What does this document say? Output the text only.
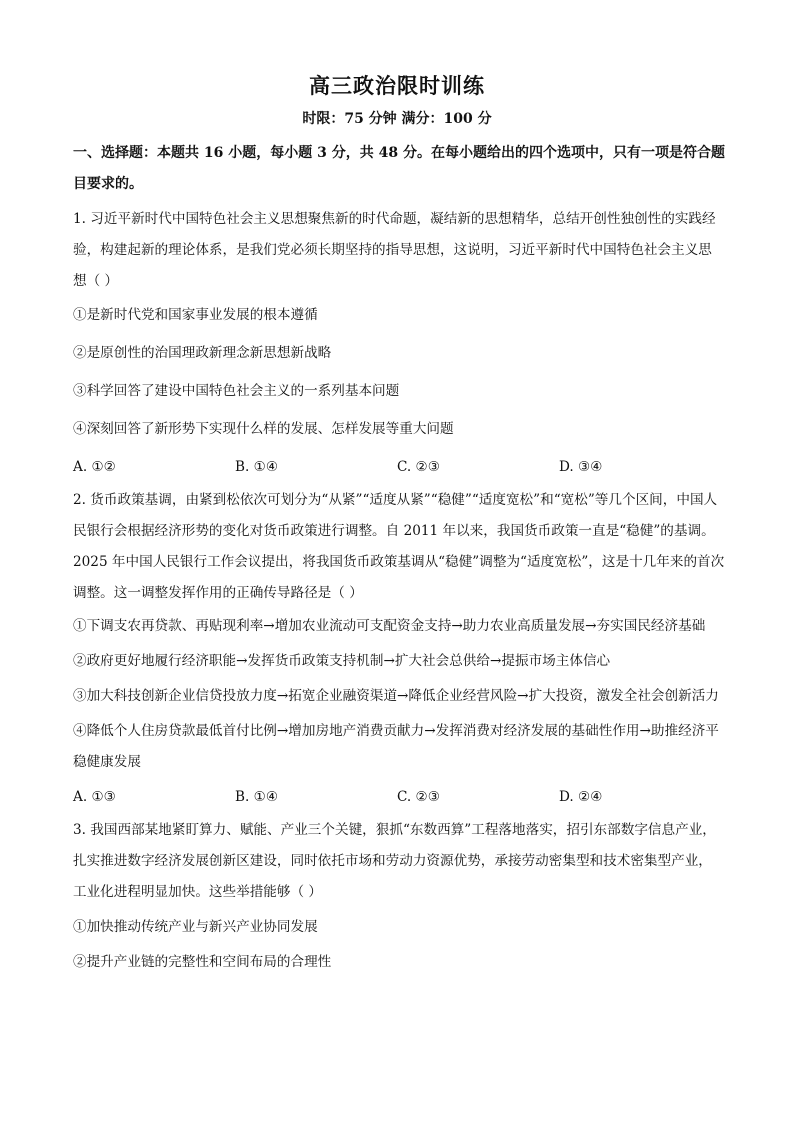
高三政治限时训练
时限：75 分钟 满分：100 分

一、选择题：本题共 16 小题，每小题 3 分，共 48 分。在每小题给出的四个选项中，只有一项是符合题目要求的。

1. 习近平新时代中国特色社会主义思想聚焦新的时代命题，凝结新的思想精华，总结开创性独创性的实践经验，构建起新的理论体系，是我们党必须长期坚持的指导思想，这说明，习近平新时代中国特色社会主义思想（ ）

①是新时代党和国家事业发展的根本遵循
②是原创性的治国理政新理念新思想新战略
③科学回答了建设中国特色社会主义的一系列基本问题
④深刻回答了新形势下实现什么样的发展、怎样发展等重大问题
A. ①②	B. ①④	C. ②③	D. ③④

2. 货币政策基调，由紧到松依次可划分为“从紧”“适度从紧”“稳健”“适度宽松”和“宽松”等几个区间，中国人民银行会根据经济形势的变化对货币政策进行调整。自 2011 年以来，我国货币政策一直是“稳健”的基调。2025 年中国人民银行工作会议提出，将我国货币政策基调从“稳健”调整为“适度宽松”，这是十几年来的首次调整。这一调整发挥作用的正确传导路径是（ ）

①下调支农再贷款、再贴现利率→增加农业流动可支配资金支持→助力农业高质量发展→夯实国民经济基础
②政府更好地履行经济职能→发挥货币政策支持机制→扩大社会总供给→提振市场主体信心
③加大科技创新企业信贷投放力度→拓宽企业融资渠道→降低企业经营风险→扩大投资，激发全社会创新活力
④降低个人住房贷款最低首付比例→增加房地产消费贡献力→发挥消费对经济发展的基础性作用→助推经济平稳健康发展
A. ①③	B. ①④	C. ②③	D. ②④

3. 我国西部某地紧盯算力、赋能、产业三个关键，狠抓“东数西算”工程落地落实，招引东部数字信息产业，扎实推进数字经济发展创新区建设，同时依托市场和劳动力资源优势，承接劳动密集型和技术密集型产业，工业化进程明显加快。这些举措能够（ ）

①加快推动传统产业与新兴产业协同发展
②提升产业链的完整性和空间布局的合理性
